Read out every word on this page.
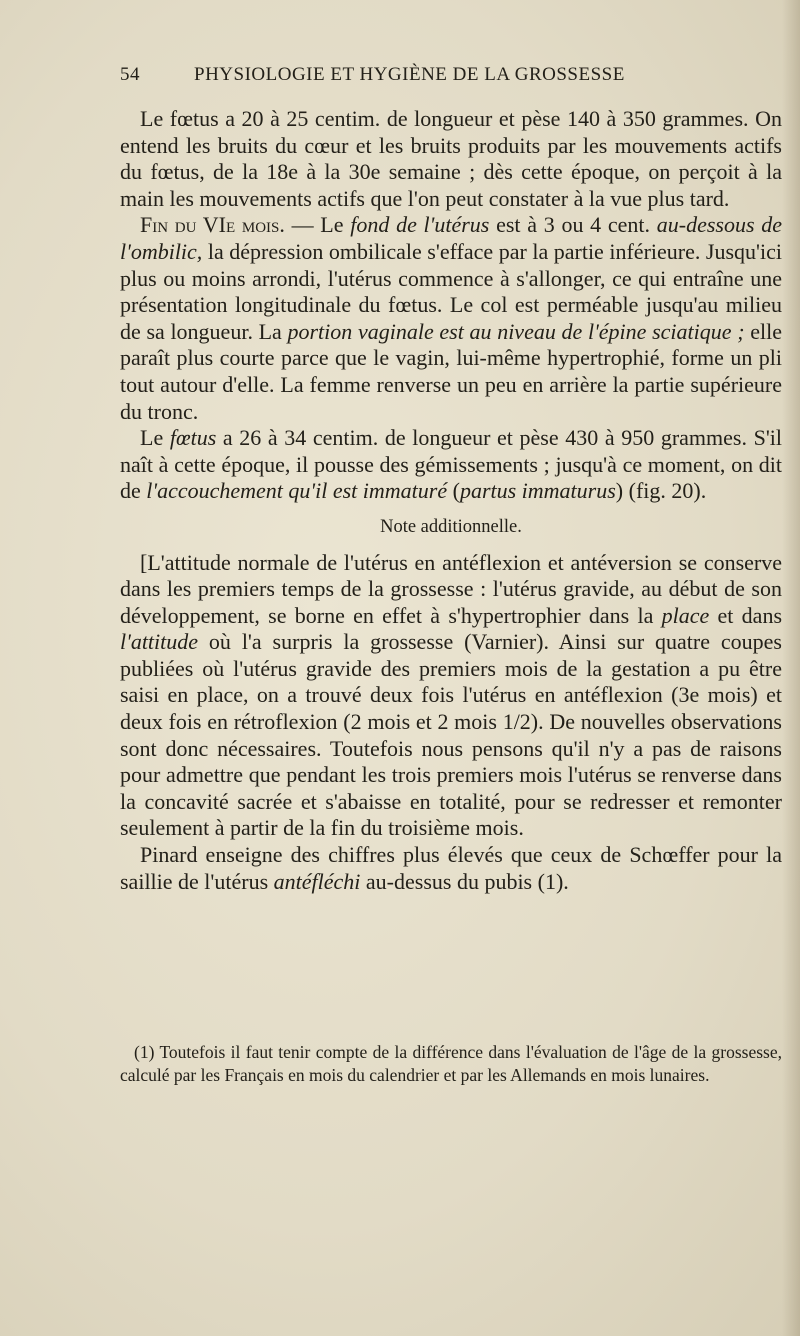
54	PHYSIOLOGIE ET HYGIÈNE DE LA GROSSESSE

Le fœtus a 20 à 25 centim. de longueur et pèse 140 à 350 grammes. On entend les bruits du cœur et les bruits produits par les mouvements actifs du fœtus, de la 18e à la 30e semaine ; dès cette époque, on perçoit à la main les mouvements actifs que l'on peut constater à la vue plus tard.

Fin du VIe mois. — Le fond de l'utérus est à 3 ou 4 cent. au-dessous de l'ombilic, la dépression ombilicale s'efface par la partie inférieure. Jusqu'ici plus ou moins arrondi, l'utérus commence à s'allonger, ce qui entraîne une présentation longitudinale du fœtus. Le col est perméable jusqu'au milieu de sa longueur. La portion vaginale est au niveau de l'épine sciatique ; elle paraît plus courte parce que le vagin, lui-même hypertrophié, forme un pli tout autour d'elle. La femme renverse un peu en arrière la partie supérieure du tronc.

Le fœtus a 26 à 34 centim. de longueur et pèse 430 à 950 grammes. S'il naît à cette époque, il pousse des gémissements ; jusqu'à ce moment, on dit de l'accouchement qu'il est immaturé (partus immaturus) (fig. 20).

Note additionnelle.

[L'attitude normale de l'utérus en antéflexion et antéversion se conserve dans les premiers temps de la grossesse : l'utérus gravide, au début de son développement, se borne en effet à s'hypertrophier dans la place et dans l'attitude où l'a surpris la grossesse (Varnier). Ainsi sur quatre coupes publiées où l'utérus gravide des premiers mois de la gestation a pu être saisi en place, on a trouvé deux fois l'utérus en antéflexion (3e mois) et deux fois en rétroflexion (2 mois et 2 mois 1/2). De nouvelles observations sont donc nécessaires. Toutefois nous pensons qu'il n'y a pas de raisons pour admettre que pendant les trois premiers mois l'utérus se renverse dans la concavité sacrée et s'abaisse en totalité, pour se redresser et remonter seulement à partir de la fin du troisième mois.

Pinard enseigne des chiffres plus élevés que ceux de Schœffer pour la saillie de l'utérus antéfléchi au-dessus du pubis (1).

(1) Toutefois il faut tenir compte de la différence dans l'évaluation de l'âge de la grossesse, calculé par les Français en mois du calendrier et par les Allemands en mois lunaires.
